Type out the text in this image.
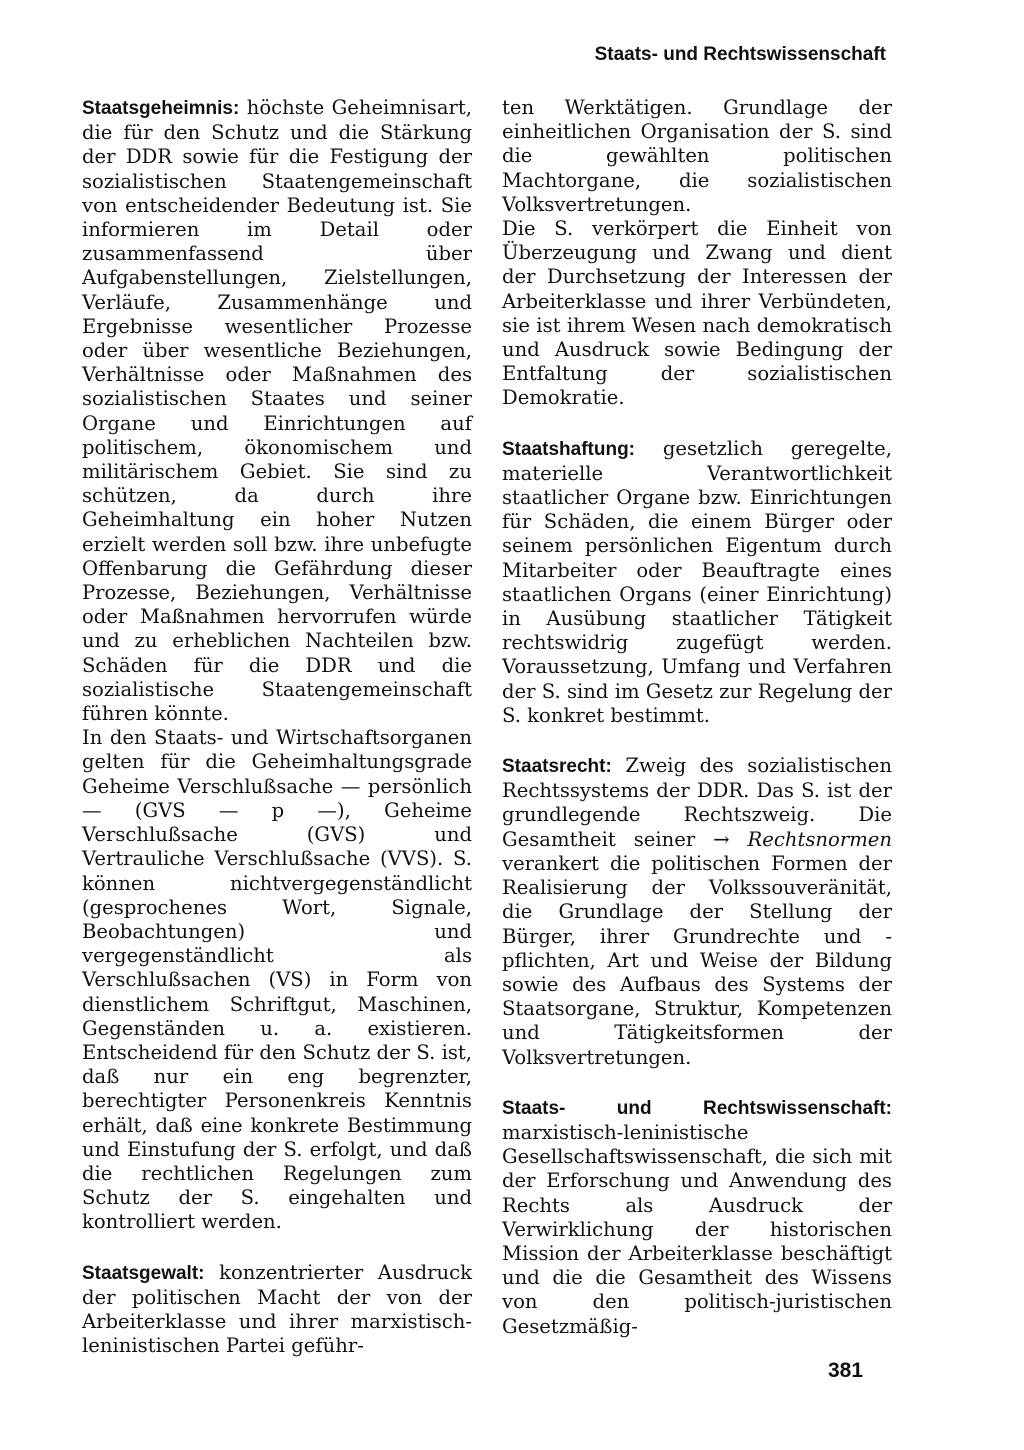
Staats- und Rechtswissenschaft

Staatsgeheimnis: höchste Geheimnisart, die für den Schutz und die Stärkung der DDR sowie für die Festigung der sozialistischen Staatengemeinschaft von entscheidender Bedeutung ist. Sie informieren im Detail oder zusammenfassend über Aufgabenstellungen, Zielstellungen, Verläufe, Zusammenhänge und Ergebnisse wesentlicher Prozesse oder über wesentliche Beziehungen, Verhältnisse oder Maßnahmen des sozialistischen Staates und seiner Organe und Einrichtungen auf politischem, ökonomischem und militärischem Gebiet. Sie sind zu schützen, da durch ihre Geheimhaltung ein hoher Nutzen erzielt werden soll bzw. ihre unbefugte Offenbarung die Gefährdung dieser Prozesse, Beziehungen, Verhältnisse oder Maßnahmen hervorrufen würde und zu erheblichen Nachteilen bzw. Schäden für die DDR und die sozialistische Staatengemeinschaft führen könnte.

In den Staats- und Wirtschaftsorganen gelten für die Geheimhaltungsgrade Geheime Verschlußsache — persönlich — (GVS — p —), Geheime Verschlußsache (GVS) und Vertrauliche Verschlußsache (VVS). S. können nichtvergegenständlicht (gesprochenes Wort, Signale, Beobachtungen) und vergegenständlicht als Verschlußsachen (VS) in Form von dienstlichem Schriftgut, Maschinen, Gegenständen u. a. existieren. Entscheidend für den Schutz der S. ist, daß nur ein eng begrenzter, berechtigter Personenkreis Kenntnis erhält, daß eine konkrete Bestimmung und Einstufung der S. erfolgt, und daß die rechtlichen Regelungen zum Schutz der S. eingehalten und kontrolliert werden.

Staatsgewalt: konzentrierter Ausdruck der politischen Macht der von der Arbeiterklasse und ihrer marxistisch-leninistischen Partei geführ-

ten Werktätigen. Grundlage der einheitlichen Organisation der S. sind die gewählten politischen Machtorgane, die sozialistischen Volksvertretungen.

Die S. verkörpert die Einheit von Überzeugung und Zwang und dient der Durchsetzung der Interessen der Arbeiterklasse und ihrer Verbündeten, sie ist ihrem Wesen nach demokratisch und Ausdruck sowie Bedingung der Entfaltung der sozialistischen Demokratie.

Staatshaftung: gesetzlich geregelte, materielle Verantwortlichkeit staatlicher Organe bzw. Einrichtungen für Schäden, die einem Bürger oder seinem persönlichen Eigentum durch Mitarbeiter oder Beauftragte eines staatlichen Organs (einer Einrichtung) in Ausübung staatlicher Tätigkeit rechtswidrig zugefügt werden. Voraussetzung, Umfang und Verfahren der S. sind im Gesetz zur Regelung der S. konkret bestimmt.

Staatsrecht: Zweig des sozialistischen Rechtssystems der DDR. Das S. ist der grundlegende Rechtszweig. Die Gesamtheit seiner → Rechtsnormen verankert die politischen Formen der Realisierung der Volkssouveränität, die Grundlage der Stellung der Bürger, ihrer Grundrechte und -pflichten, Art und Weise der Bildung sowie des Aufbaus des Systems der Staatsorgane, Struktur, Kompetenzen und Tätigkeitsformen der Volksvertretungen.

Staats- und Rechtswissenschaft: marxistisch-leninistische Gesellschaftswissenschaft, die sich mit der Erforschung und Anwendung des Rechts als Ausdruck der Verwirklichung der historischen Mission der Arbeiterklasse beschäftigt und die die Gesamtheit des Wissens von den politisch-juristischen Gesetzmäßig-

381
